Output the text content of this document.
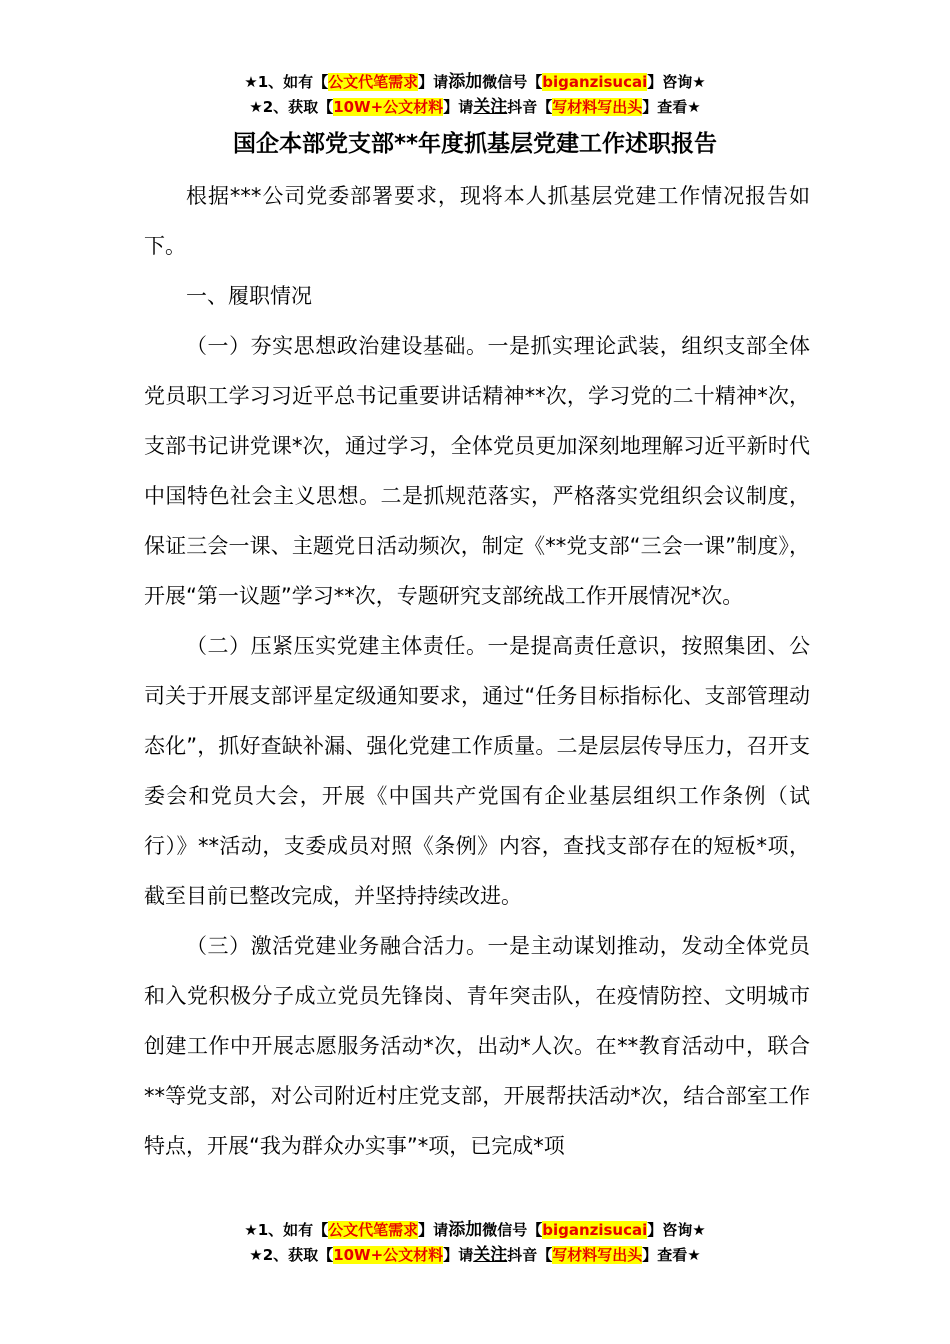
★1、如有【公文代笔需求】请添加微信号【biganzisucai】咨询★
★2、获取【10W+公文材料】请关注抖音【写材料写出头】查看★
国企本部党支部**年度抓基层党建工作述职报告

根据***公司党委部署要求，现将本人抓基层党建工作情况报告如下。

一、履职情况

（一）夯实思想政治建设基础。一是抓实理论武装，组织支部全体党员职工学习习近平总书记重要讲话精神**次，学习党的二十精神*次，支部书记讲党课*次，通过学习，全体党员更加深刻地理解习近平新时代中国特色社会主义思想。二是抓规范落实，严格落实党组织会议制度，保证三会一课、主题党日活动频次，制定《**党支部“三会一课”制度》，开展“第一议题”学习**次，专题研究支部统战工作开展情况*次。

（二）压紧压实党建主体责任。一是提高责任意识，按照集团、公司关于开展支部评星定级通知要求，通过“任务目标指标化、支部管理动态化”，抓好查缺补漏、强化党建工作质量。二是层层传导压力，召开支委会和党员大会，开展《中国共产党国有企业基层组织工作条例（试行）》**活动，支委成员对照《条例》内容，查找支部存在的短板*项，截至目前已整改完成，并坚持持续改进。

（三）激活党建业务融合活力。一是主动谋划推动，发动全体党员和入党积极分子成立党员先锋岗、青年突击队，在疫情防控、文明城市创建工作中开展志愿服务活动*次，出动*人次。在**教育活动中，联合**等党支部，对公司附近村庄党支部，开展帮扶活动*次，结合部室工作特点，开展“我为群众办实事”*项，已完成*项

★1、如有【公文代笔需求】请添加微信号【biganzisucai】咨询★
★2、获取【10W+公文材料】请关注抖音【写材料写出头】查看★
